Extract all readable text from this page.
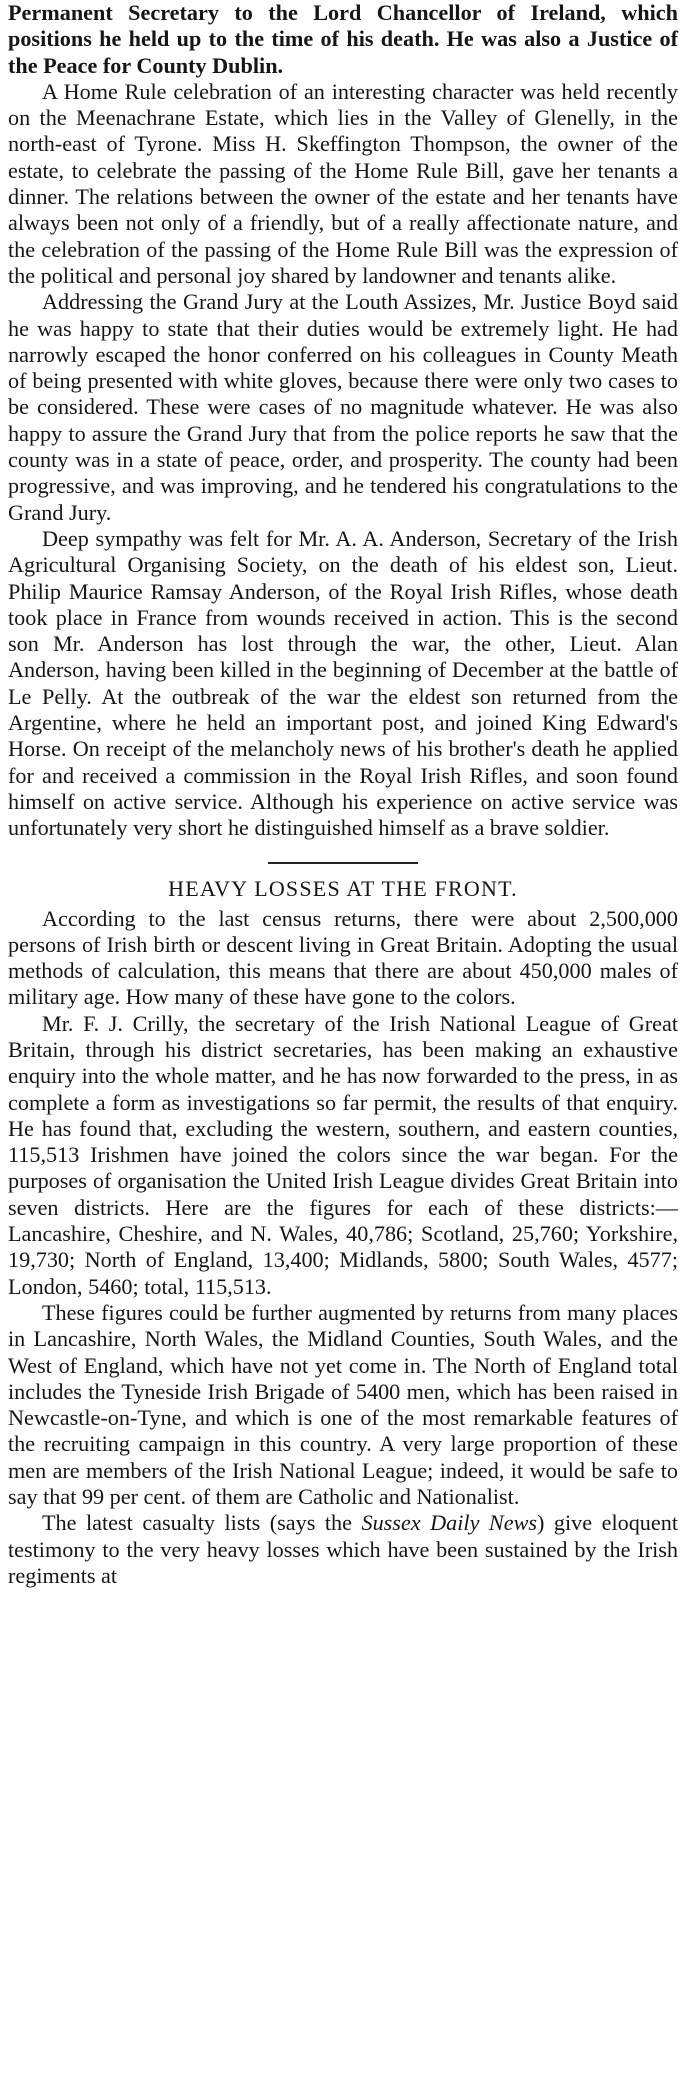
Permanent Secretary to the Lord Chancellor of Ireland, which positions he held up to the time of his death. He was also a Justice of the Peace for County Dublin.

A Home Rule celebration of an interesting character was held recently on the Meenachrane Estate, which lies in the Valley of Glenelly, in the north-east of Tyrone. Miss H. Skeffington Thompson, the owner of the estate, to celebrate the passing of the Home Rule Bill, gave her tenants a dinner. The relations between the owner of the estate and her tenants have always been not only of a friendly, but of a really affectionate nature, and the celebration of the passing of the Home Rule Bill was the expression of the political and personal joy shared by landowner and tenants alike.

Addressing the Grand Jury at the Louth Assizes, Mr. Justice Boyd said he was happy to state that their duties would be extremely light. He had narrowly escaped the honor conferred on his colleagues in County Meath of being presented with white gloves, because there were only two cases to be considered. These were cases of no magnitude whatever. He was also happy to assure the Grand Jury that from the police reports he saw that the county was in a state of peace, order, and prosperity. The county had been progressive, and was improving, and he tendered his congratulations to the Grand Jury.

Deep sympathy was felt for Mr. A. A. Anderson, Secretary of the Irish Agricultural Organising Society, on the death of his eldest son, Lieut. Philip Maurice Ramsay Anderson, of the Royal Irish Rifles, whose death took place in France from wounds received in action. This is the second son Mr. Anderson has lost through the war, the other, Lieut. Alan Anderson, having been killed in the beginning of December at the battle of Le Pelly. At the outbreak of the war the eldest son returned from the Argentine, where he held an important post, and joined King Edward's Horse. On receipt of the melancholy news of his brother's death he applied for and received a commission in the Royal Irish Rifles, and soon found himself on active service. Although his experience on active service was unfortunately very short he distinguished himself as a brave soldier.

HEAVY LOSSES AT THE FRONT.

According to the last census returns, there were about 2,500,000 persons of Irish birth or descent living in Great Britain. Adopting the usual methods of calculation, this means that there are about 450,000 males of military age. How many of these have gone to the colors.

Mr. F. J. Crilly, the secretary of the Irish National League of Great Britain, through his district secretaries, has been making an exhaustive enquiry into the whole matter, and he has now forwarded to the press, in as complete a form as investigations so far permit, the results of that enquiry. He has found that, excluding the western, southern, and eastern counties, 115,513 Irishmen have joined the colors since the war began. For the purposes of organisation the United Irish League divides Great Britain into seven districts. Here are the figures for each of these districts:—Lancashire, Cheshire, and N. Wales, 40,786; Scotland, 25,760; Yorkshire, 19,730; North of England, 13,400; Midlands, 5800; South Wales, 4577; London, 5460; total, 115,513.

These figures could be further augmented by returns from many places in Lancashire, North Wales, the Midland Counties, South Wales, and the West of England, which have not yet come in. The North of England total includes the Tyneside Irish Brigade of 5400 men, which has been raised in Newcastle-on-Tyne, and which is one of the most remarkable features of the recruiting campaign in this country. A very large proportion of these men are members of the Irish National League; indeed, it would be safe to say that 99 per cent. of them are Catholic and Nationalist.

The latest casualty lists (says the Sussex Daily News) give eloquent testimony to the very heavy losses which have been sustained by the Irish regiments at
